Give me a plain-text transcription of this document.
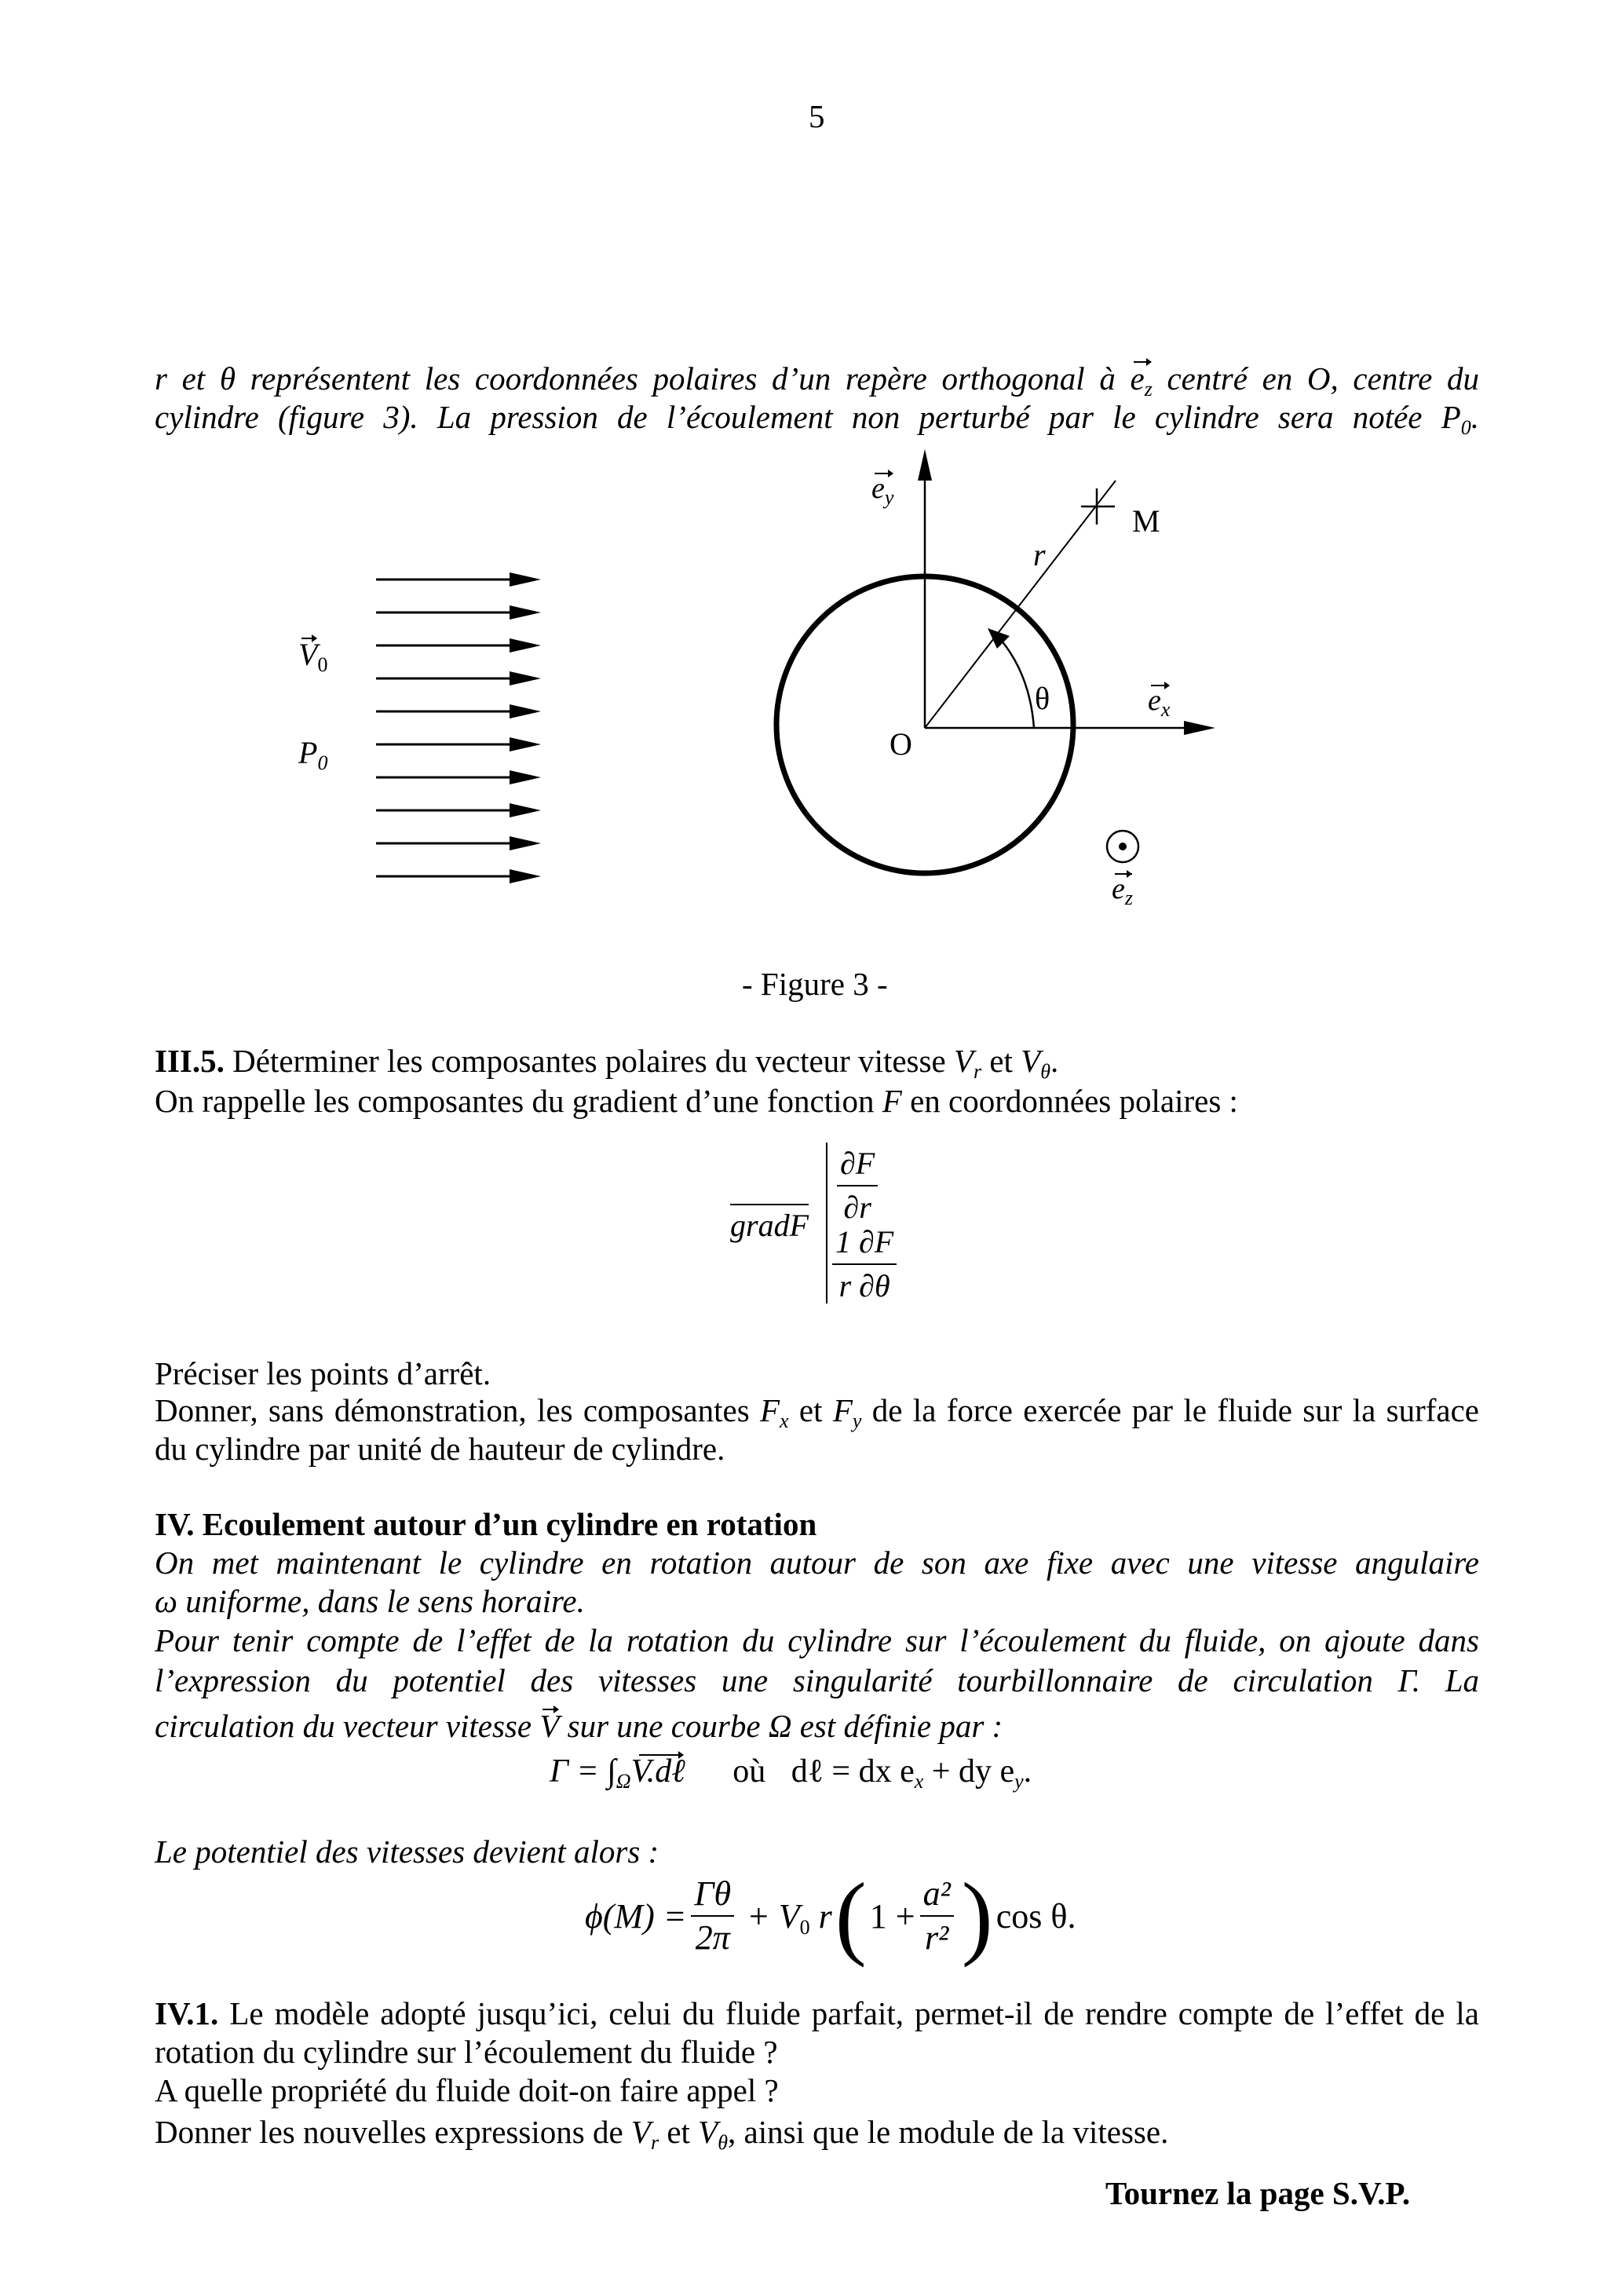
5
r et θ représentent les coordonnées polaires d’un repère orthogonal à $e_z$ centré en O, centre du
cylindre (figure 3). La pression de l’écoulement non perturbé par le cylindre sera notée $P_0$.
$e_y$
$e_x$
$e_z$
M
r
θ
O
$V_0$
$P_0$
- Figure 3 -
III.5. Déterminer les composantes polaires du vecteur vitesse $V_r$ et $V_\theta$.
On rappelle les composantes du gradient d’une fonction F en coordonnées polaires :
gradF $\frac{\partial F}{\partial r}$
$\frac{1 \partial F}{r \partial\theta}$
Préciser les points d’arrêt.
Donner, sans démonstration, les composantes $F_x$ et $F_y$ de la force exercée par le fluide sur la surface
du cylindre par unité de hauteur de cylindre.
IV. Ecoulement autour d’un cylindre en rotation
On met maintenant le cylindre en rotation autour de son axe fixe avec une vitesse angulaire
ω uniforme, dans le sens horaire.
Pour tenir compte de l’effet de la rotation du cylindre sur l’écoulement du fluide, on ajoute dans
l’expression du potentiel des vitesses une singularité tourbillonnaire de circulation Γ. La
circulation du vecteur vitesse V sur une courbe Ω est définie par :
$\Gamma = \int_\Omega V.d\ell$ où dℓ = dx $e_x$ + dy $e_y$.
Le potentiel des vitesses devient alors :
$\phi(M) = \frac{\Gamma\theta}{2\pi} + V_0$ r ( $1 + \frac{\text{a²}}{\text{r²}}$ ) cos θ.
IV.1. Le modèle adopté jusqu’ici, celui du fluide parfait, permet-il de rendre compte de l’effet de la
rotation du cylindre sur l’écoulement du fluide ?
A quelle propriété du fluide doit-on faire appel ?
Donner les nouvelles expressions de $V_r$ et $V_\theta$, ainsi que le module de la vitesse.
Tournez la page S.V.P.
